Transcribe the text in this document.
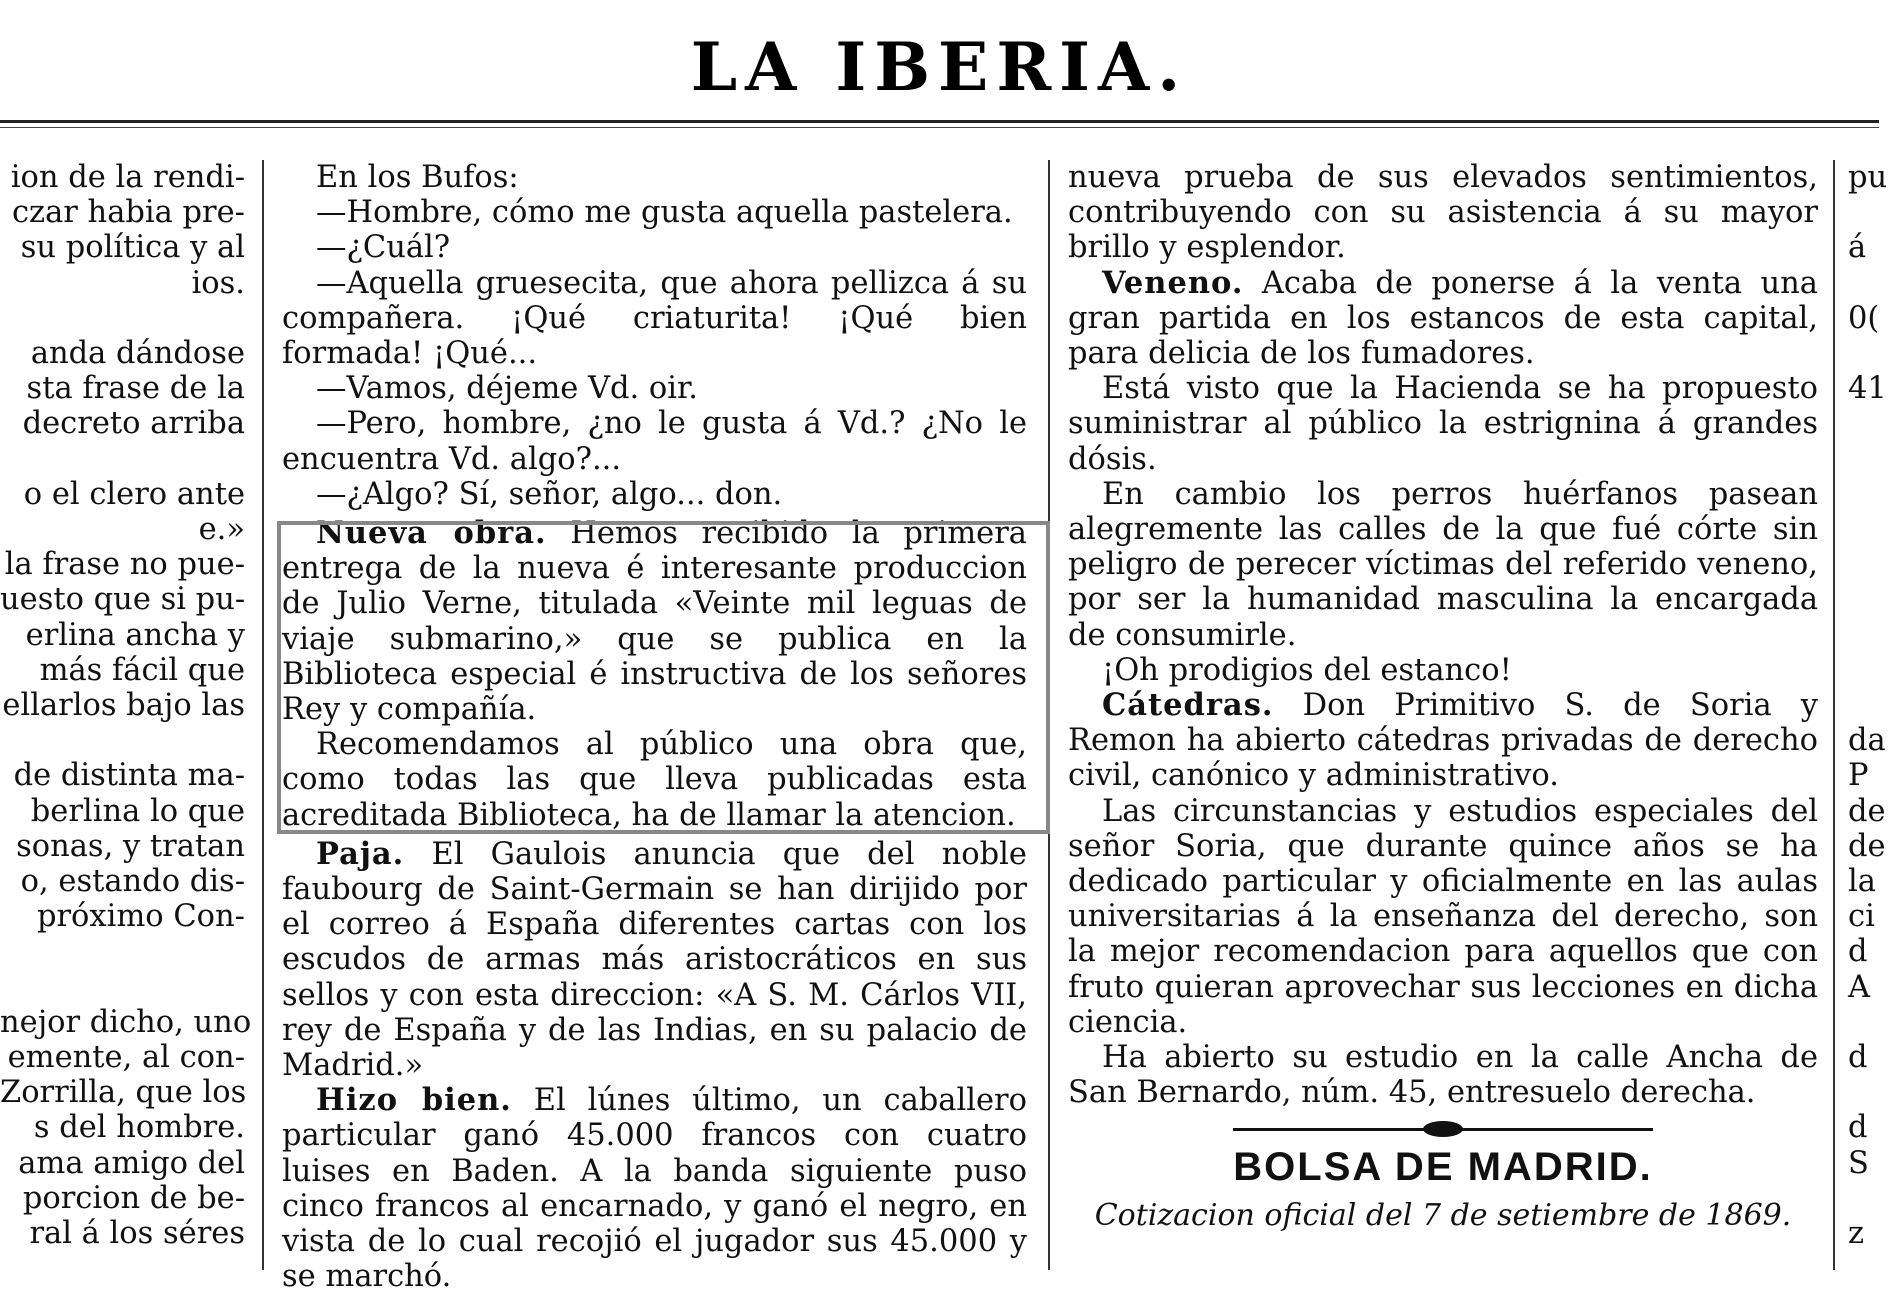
LA IBERIA.

ion de la rendi-

czar habia pre-

su política y al

ios.

anda dándose

sta frase de la

decreto arriba

o el clero ante

e.»

la frase no pue-

uesto que si pu-

erlina ancha y

más fácil que

ellarlos bajo las

de distinta ma-

berlina lo que

sonas, y tratan

o, estando dis-

próximo Con-

nejor dicho, uno

emente, al con-

Zorrilla, que los

s del hombre.

ama amigo del

porcion de be-

ral á los séres

En los Bufos:

—Hombre, cómo me gusta aquella pastelera.

—¿Cuál?

—Aquella gruesecita, que ahora pellizca á su compañera. ¡Qué criaturita! ¡Qué bien formada! ¡Qué...

—Vamos, déjeme Vd. oir.

—Pero, hombre, ¿no le gusta á Vd.? ¿No le encuentra Vd. algo?...

—¿Algo? Sí, señor, algo... don.

Nueva obra. Hemos recibido la primera entrega de la nueva é interesante produccion de Julio Verne, titulada «Veinte mil leguas de viaje submarino,» que se publica en la Biblioteca especial é instructiva de los señores Rey y compañía.

Recomendamos al público una obra que, como todas las que lleva publicadas esta acreditada Biblioteca, ha de llamar la atencion.

Paja. El Gaulois anuncia que del noble faubourg de Saint-Germain se han dirijido por el correo á España diferentes cartas con los escudos de armas más aristocráticos en sus sellos y con esta direccion: «A S. M. Cárlos VII, rey de España y de las Indias, en su palacio de Madrid.»

Hizo bien. El lúnes último, un caballero particular ganó 45.000 francos con cuatro luises en Baden. A la banda siguiente puso cinco francos al encarnado, y ganó el negro, en vista de lo cual recojió el jugador sus 45.000 y se marchó.

nueva prueba de sus elevados sentimientos, contribuyendo con su asistencia á su mayor brillo y esplendor.

Veneno. Acaba de ponerse á la venta una gran partida en los estancos de esta capital, para delicia de los fumadores.

Está visto que la Hacienda se ha propuesto suministrar al público la estrignina á grandes dósis.

En cambio los perros huérfanos pasean alegremente las calles de la que fué córte sin peligro de perecer víctimas del referido veneno, por ser la humanidad masculina la encargada de consumirle.

¡Oh prodigios del estanco!

Cátedras. Don Primitivo S. de Soria y Remon ha abierto cátedras privadas de derecho civil, canónico y administrativo.

Las circunstancias y estudios especiales del señor Soria, que durante quince años se ha dedicado particular y oficialmente en las aulas universitarias á la enseñanza del derecho, son la mejor recomendacion para aquellos que con fruto quieran aprovechar sus lecciones en dicha ciencia.

Ha abierto su estudio en la calle Ancha de San Bernardo, núm. 45, entresuelo derecha.

BOLSA DE MADRID.

Cotizacion oficial del 7 de setiembre de 1869.

pu

á

0(

41

da

P

de

de

la

ci

d

A

d

d

S

z
